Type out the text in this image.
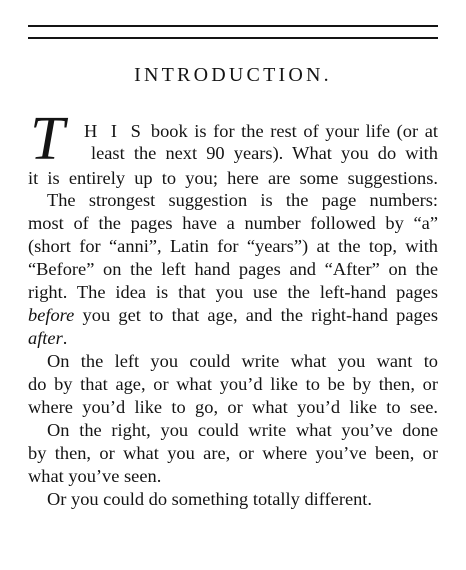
INTRODUCTION.
T H I S book is for the rest of your life (or at
least the next 90 years). What you do with
it is entirely up to you; here are some suggestions.
The strongest suggestion is the page numbers:
most of the pages have a number followed by “a”
(short for “anni”, Latin for “years”) at the top, with
“Before” on the left hand pages and “After” on the
right. The idea is that you use the left-hand pages
before you get to that age, and the right-hand pages
after.
On the left you could write what you want to
do by that age, or what you’d like to be by then, or
where you’d like to go, or what you’d like to see.
On the right, you could write what you’ve done
by then, or what you are, or where you’ve been, or
what you’ve seen.
Or you could do something totally different.
